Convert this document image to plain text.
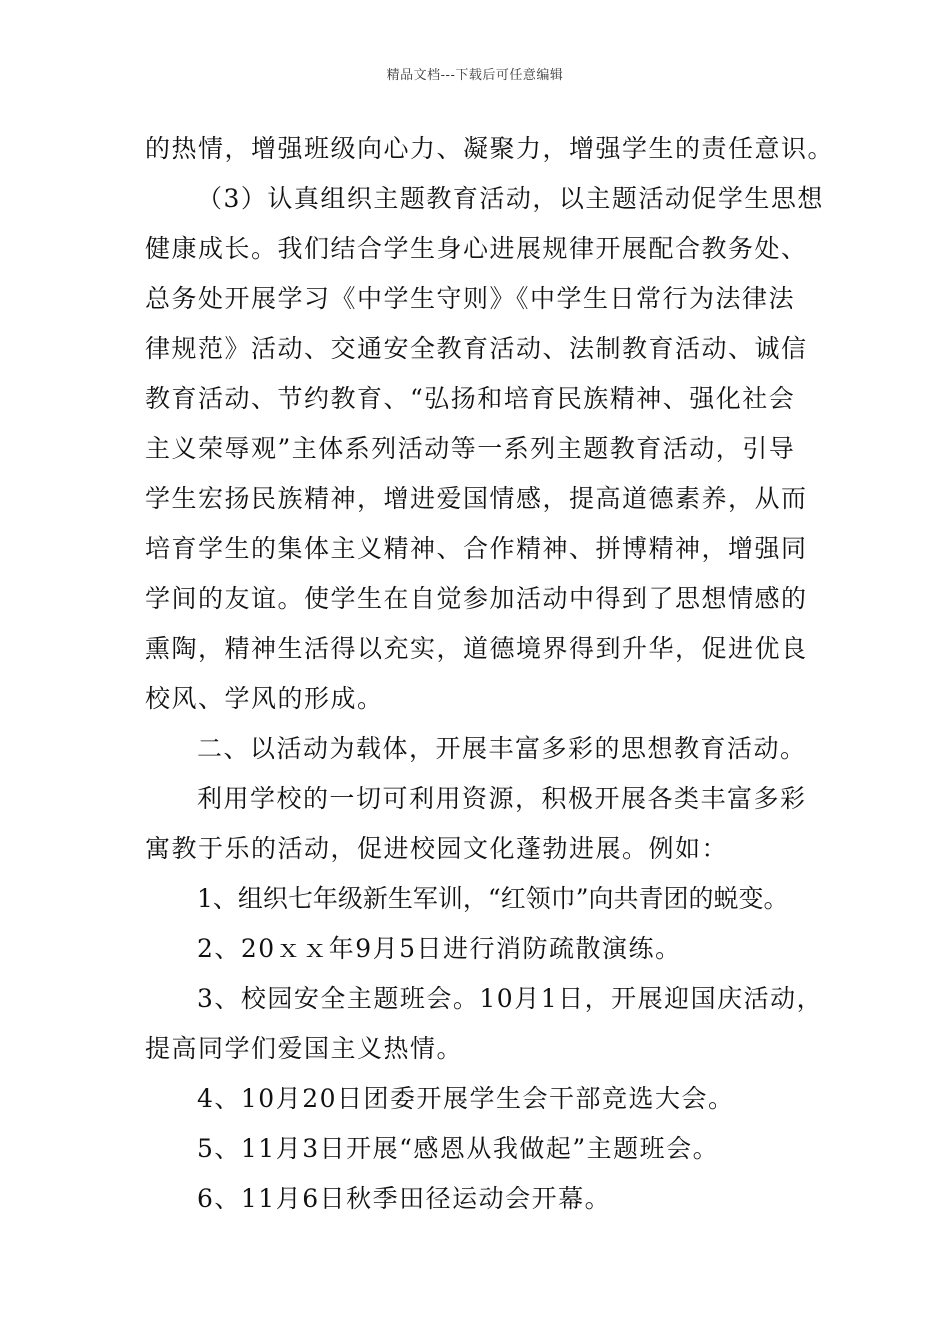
精品文档---下载后可任意编辑
的热情，增强班级向心力、凝聚力，增强学生的责任意识。
（3）认真组织主题教育活动，以主题活动促学生思想
健康成长。我们结合学生身心进展规律开展配合教务处、
总务处开展学习《中学生守则》《中学生日常行为法律法
律规范》活动、交通安全教育活动、法制教育活动、诚信
教育活动、节约教育、“弘扬和培育民族精神、强化社会
主义荣辱观”主体系列活动等一系列主题教育活动，引导
学生宏扬民族精神，增进爱国情感，提高道德素养，从而
培育学生的集体主义精神、合作精神、拼博精神，增强同
学间的友谊。使学生在自觉参加活动中得到了思想情感的
熏陶，精神生活得以充实，道德境界得到升华，促进优良
校风、学风的形成。
二、以活动为载体，开展丰富多彩的思想教育活动。
利用学校的一切可利用资源，积极开展各类丰富多彩
寓教于乐的活动，促进校园文化蓬勃进展。例如：
1、组织七年级新生军训，“红领巾”向共青团的蜕变。
2、20ｘｘ年9月5日进行消防疏散演练。
3、校园安全主题班会。10月1日，开展迎国庆活动，
提高同学们爱国主义热情。
4、10月20日团委开展学生会干部竞选大会。
5、11月3日开展“感恩从我做起”主题班会。
6、11月6日秋季田径运动会开幕。
